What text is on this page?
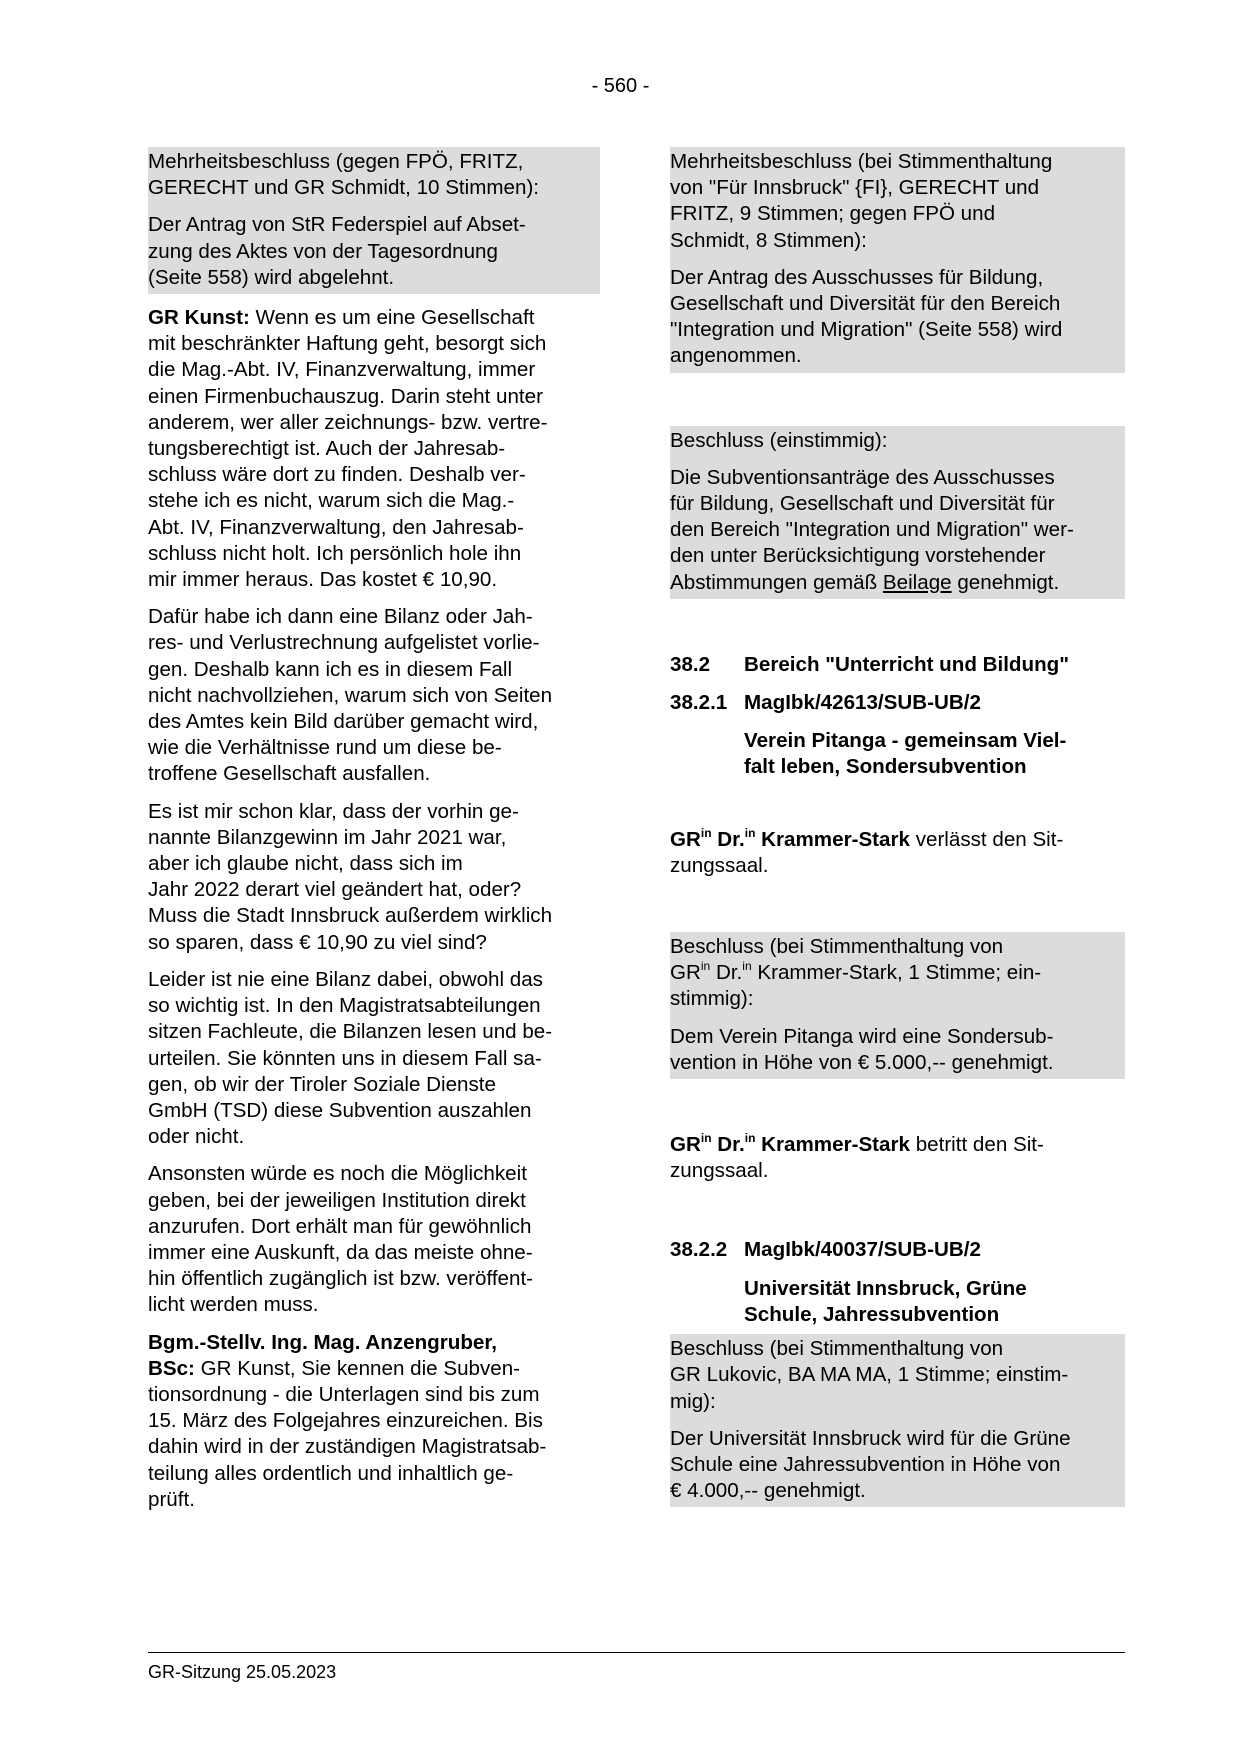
- 560 -

Mehrheitsbeschluss (gegen FPÖ, FRITZ,
GERECHT und GR Schmidt, 10 Stimmen):

Der Antrag von StR Federspiel auf Abset-
zung des Aktes von der Tagesordnung
(Seite 558) wird abgelehnt.

GR Kunst: Wenn es um eine Gesellschaft
mit beschränkter Haftung geht, besorgt sich
die Mag.-Abt. IV, Finanzverwaltung, immer
einen Firmenbuchauszug. Darin steht unter
anderem, wer aller zeichnungs- bzw. vertre-
tungsberechtigt ist. Auch der Jahresab-
schluss wäre dort zu finden. Deshalb ver-
stehe ich es nicht, warum sich die Mag.-
Abt. IV, Finanzverwaltung, den Jahresab-
schluss nicht holt. Ich persönlich hole ihn
mir immer heraus. Das kostet € 10,90.

Dafür habe ich dann eine Bilanz oder Jah-
res- und Verlustrechnung aufgelistet vorlie-
gen. Deshalb kann ich es in diesem Fall
nicht nachvollziehen, warum sich von Seiten
des Amtes kein Bild darüber gemacht wird,
wie die Verhältnisse rund um diese be-
troffene Gesellschaft ausfallen.

Es ist mir schon klar, dass der vorhin ge-
nannte Bilanzgewinn im Jahr 2021 war,
aber ich glaube nicht, dass sich im
Jahr 2022 derart viel geändert hat, oder?
Muss die Stadt Innsbruck außerdem wirklich
so sparen, dass € 10,90 zu viel sind?

Leider ist nie eine Bilanz dabei, obwohl das
so wichtig ist. In den Magistratsabteilungen
sitzen Fachleute, die Bilanzen lesen und be-
urteilen. Sie könnten uns in diesem Fall sa-
gen, ob wir der Tiroler Soziale Dienste
GmbH (TSD) diese Subvention auszahlen
oder nicht.

Ansonsten würde es noch die Möglichkeit
geben, bei der jeweiligen Institution direkt
anzurufen. Dort erhält man für gewöhnlich
immer eine Auskunft, da das meiste ohne-
hin öffentlich zugänglich ist bzw. veröffent-
licht werden muss.

Bgm.-Stellv. Ing. Mag. Anzengruber,
BSc: GR Kunst, Sie kennen die Subven-
tionsordnung - die Unterlagen sind bis zum
15. März des Folgejahres einzureichen. Bis
dahin wird in der zuständigen Magistratsab-
teilung alles ordentlich und inhaltlich ge-
prüft.

Mehrheitsbeschluss (bei Stimmenthaltung
von "Für Innsbruck" {FI}, GERECHT und
FRITZ, 9 Stimmen; gegen FPÖ und
Schmidt, 8 Stimmen):

Der Antrag des Ausschusses für Bildung,
Gesellschaft und Diversität für den Bereich
"Integration und Migration" (Seite 558) wird
angenommen.

Beschluss (einstimmig):

Die Subventionsanträge des Ausschusses
für Bildung, Gesellschaft und Diversität für
den Bereich "Integration und Migration" wer-
den unter Berücksichtigung vorstehender
Abstimmungen gemäß Beilage genehmigt.

38.2 Bereich "Unterricht und Bildung"

38.2.1 MagIbk/42613/SUB-UB/2

Verein Pitanga - gemeinsam Viel-
falt leben, Sondersubvention

$GR^{in}$ Dr.$^{in}$ Krammer-Stark verlässt den Sit-
zungssaal.

Beschluss (bei Stimmenthaltung von
$GR^{in}$ Dr.$^{in}$ Krammer-Stark, 1 Stimme; ein-
stimmig):

Dem Verein Pitanga wird eine Sondersub-
vention in Höhe von € 5.000,-- genehmigt.

$GR^{in}$ Dr.$^{in}$ Krammer-Stark betritt den Sit-
zungssaal.

38.2.2 MagIbk/40037/SUB-UB/2

Universität Innsbruck, Grüne
Schule, Jahressubvention

Beschluss (bei Stimmenthaltung von
GR Lukovic, BA MA MA, 1 Stimme; einstim-
mig):

Der Universität Innsbruck wird für die Grüne
Schule eine Jahressubvention in Höhe von
€ 4.000,-- genehmigt.

GR-Sitzung 25.05.2023
